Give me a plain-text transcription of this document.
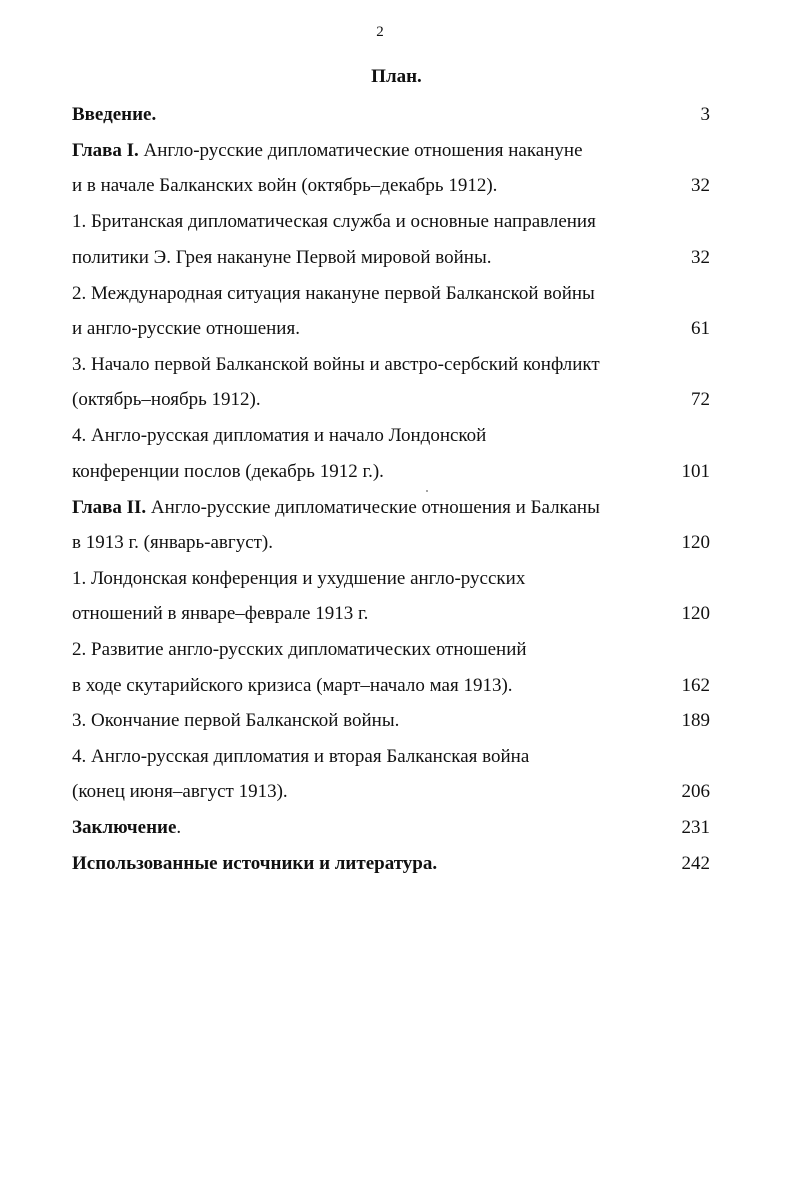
2
План.
Введение.	3
Глава I. Англо-русские дипломатические отношения накануне
и в начале Балканских войн (октябрь–декабрь 1912).	32
1. Британская дипломатическая служба и основные направления
политики Э. Грея накануне Первой мировой войны.	32
2. Международная ситуация накануне первой Балканской войны
и англо-русские отношения.	61
3. Начало первой Балканской войны и австро-сербский конфликт
(октябрь–ноябрь 1912).	72
4. Англо-русская дипломатия и начало Лондонской
конференции послов (декабрь 1912 г.).	101
Глава II. Англо-русские дипломатические отношения и Балканы
в 1913 г. (январь-август).	120
1. Лондонская конференция и ухудшение англо-русских
отношений в январе–феврале 1913 г.	120
2. Развитие англо-русских дипломатических отношений
в ходе скутарийского кризиса (март–начало мая 1913).	162
3. Окончание первой Балканской войны.	189
4. Англо-русская дипломатия и вторая Балканская война
(конец июня–август 1913).	206
Заключение.	231
Использованные источники и литература.	242
